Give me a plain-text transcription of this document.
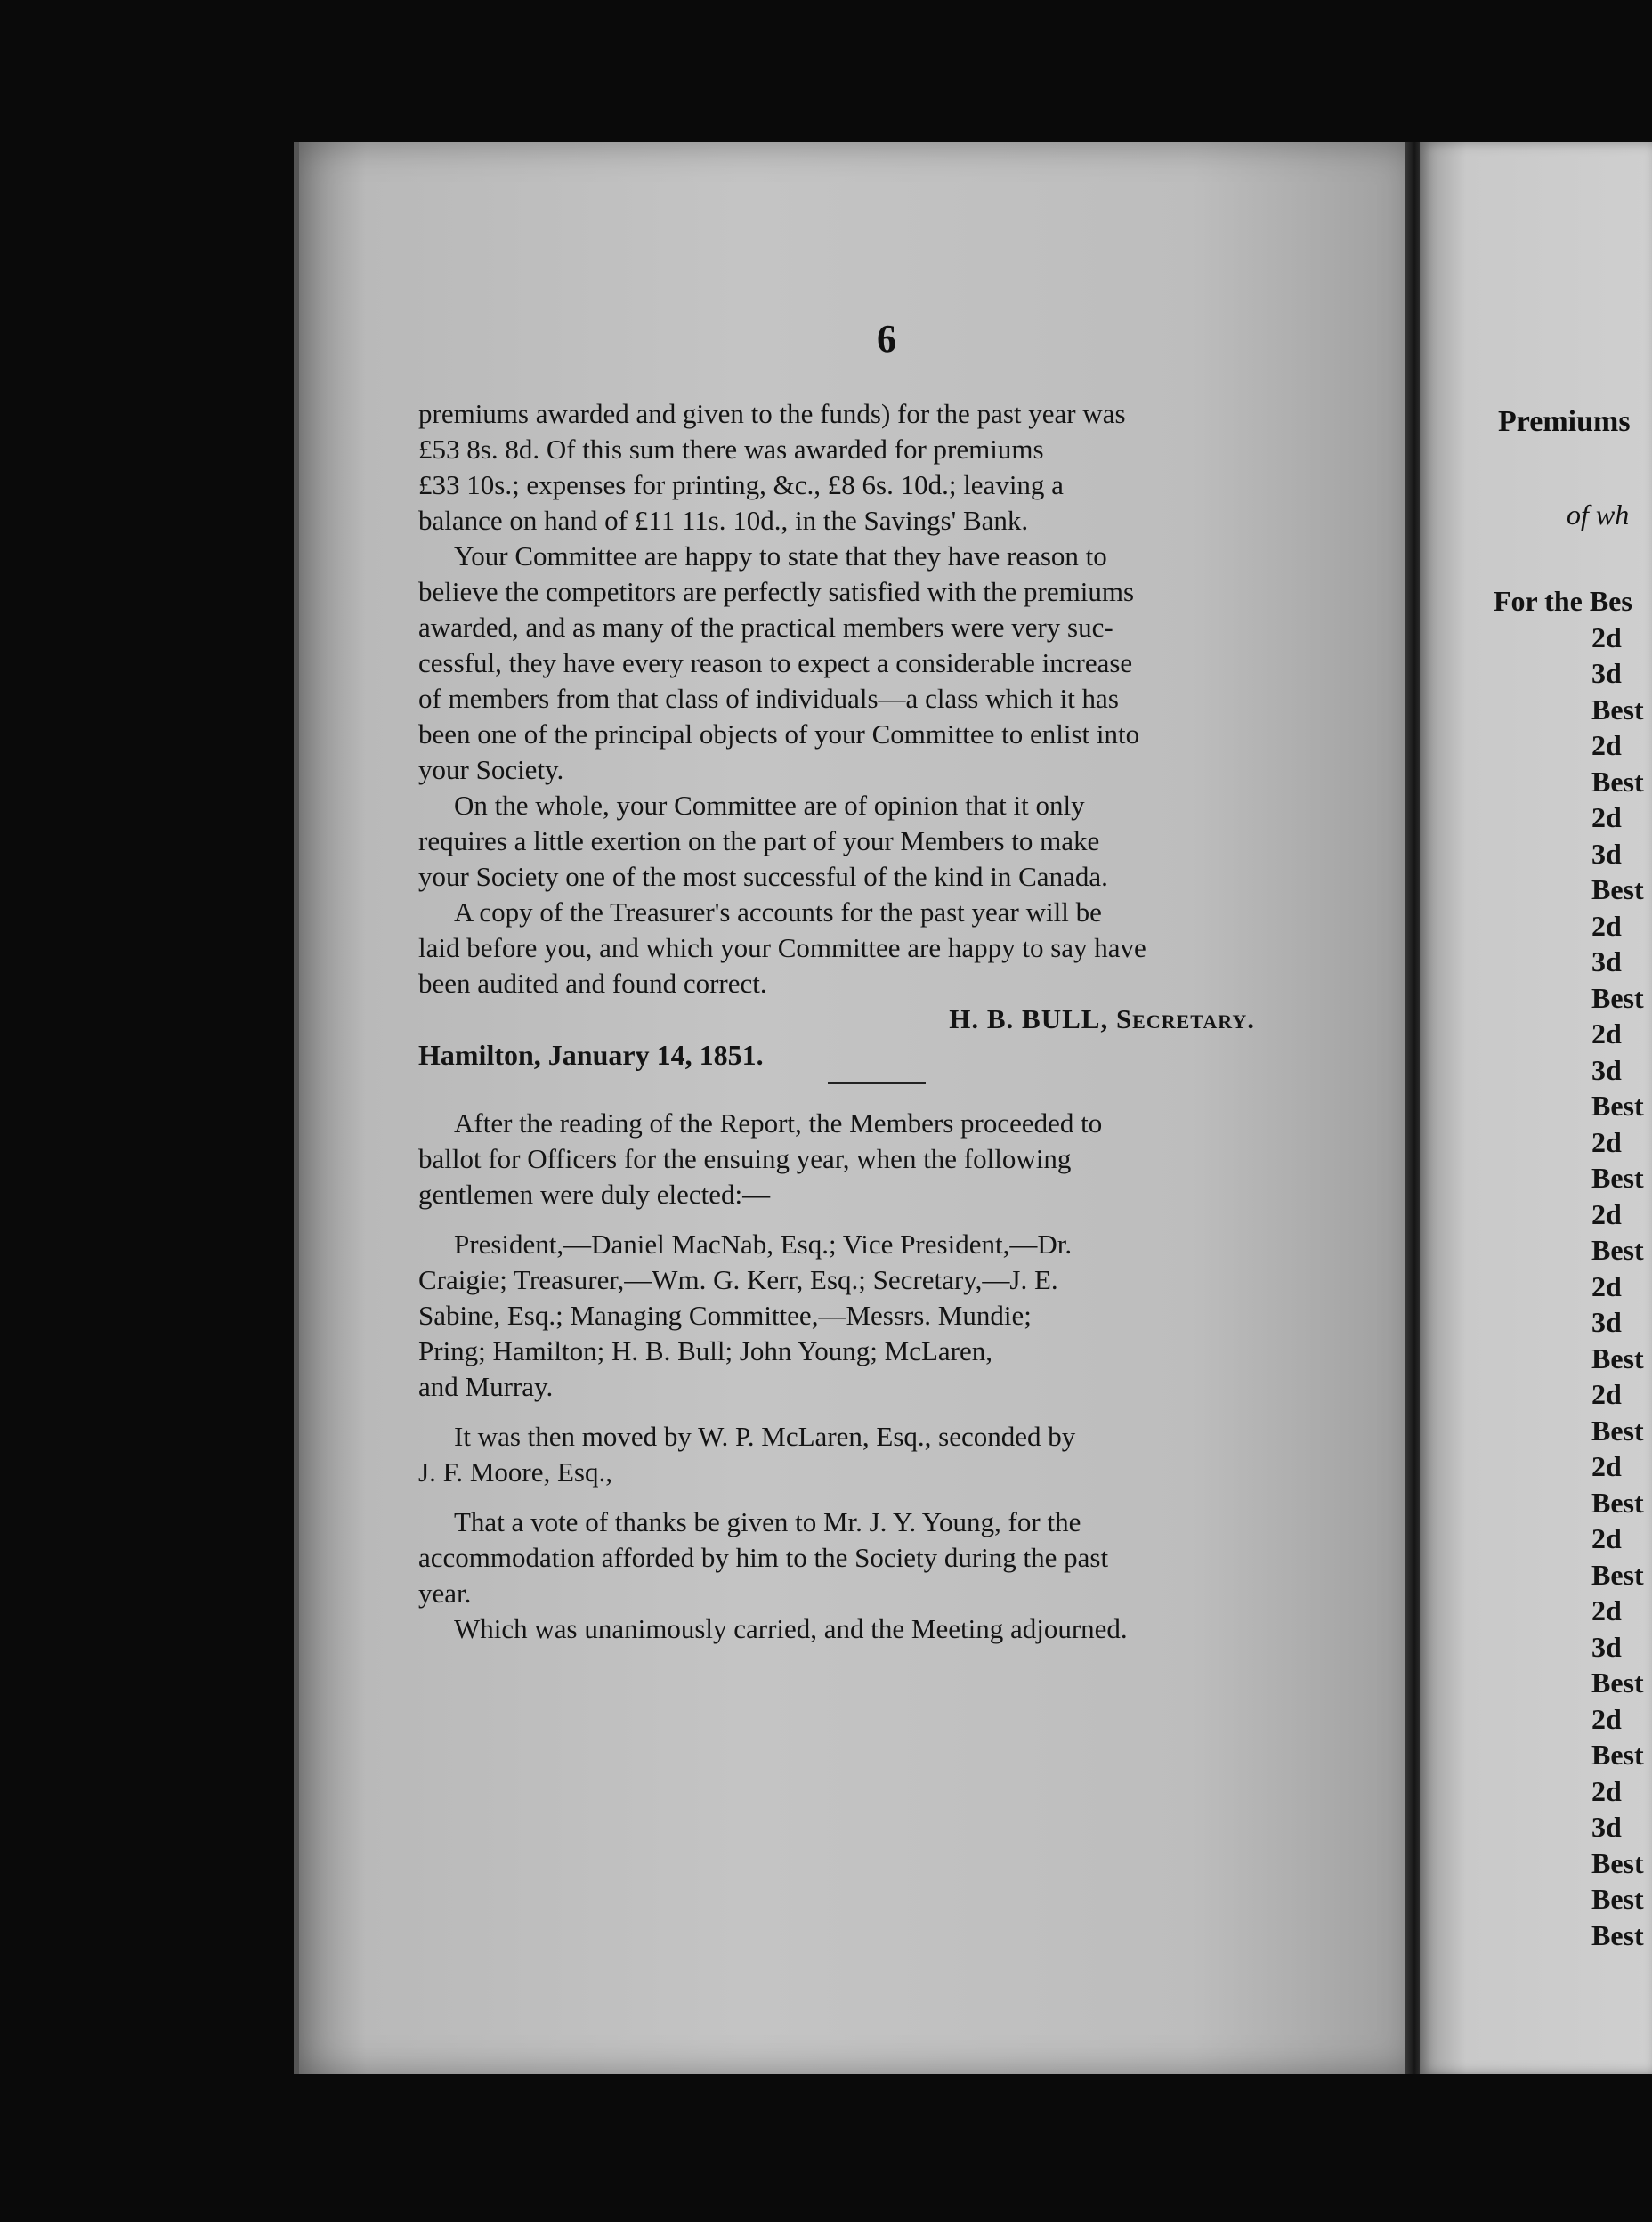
6

premiums awarded and given to the funds) for the past year was
£53 8s. 8d. Of this sum there was awarded for premiums
£33 10s.; expenses for printing, &c., £8 6s. 10d.; leaving a
balance on hand of £11 11s. 10d., in the Savings' Bank.

Your Committee are happy to state that they have reason to
believe the competitors are perfectly satisfied with the premiums
awarded, and as many of the practical members were very suc-
cessful, they have every reason to expect a considerable increase
of members from that class of individuals—a class which it has
been one of the principal objects of your Committee to enlist into
your Society.

On the whole, your Committee are of opinion that it only
requires a little exertion on the part of your Members to make
your Society one of the most successful of the kind in Canada.

A copy of the Treasurer's accounts for the past year will be
laid before you, and which your Committee are happy to say have
been audited and found correct.

H. B. BULL, Secretary.
Hamilton, January 14, 1851.

After the reading of the Report, the Members proceeded to
ballot for Officers for the ensuing year, when the following
gentlemen were duly elected:—

President,—Daniel MacNab, Esq.; Vice President,—Dr.
Craigie; Treasurer,—Wm. G. Kerr, Esq.; Secretary,—J. E.
Sabine, Esq.; Managing Committee,—Messrs. Mundie;
Pring; Hamilton; H. B. Bull; John Young; McLaren,
and Murray.

It was then moved by W. P. McLaren, Esq., seconded by
J. F. Moore, Esq.,

That a vote of thanks be given to Mr. J. Y. Young, for the
accommodation afforded by him to the Society during the past
year.

Which was unanimously carried, and the Meeting adjourned.

Premiums
of wh
For the Bes
2d
3d
Best
2d
Best
2d
3d
Best
2d
3d
Best
2d
3d
Best
2d
Best
2d
Best
2d
3d
Best
2d
Best
2d
Best
2d
Best
2d
3d
Best
2d
Best
2d
3d
Best
Best
Best
